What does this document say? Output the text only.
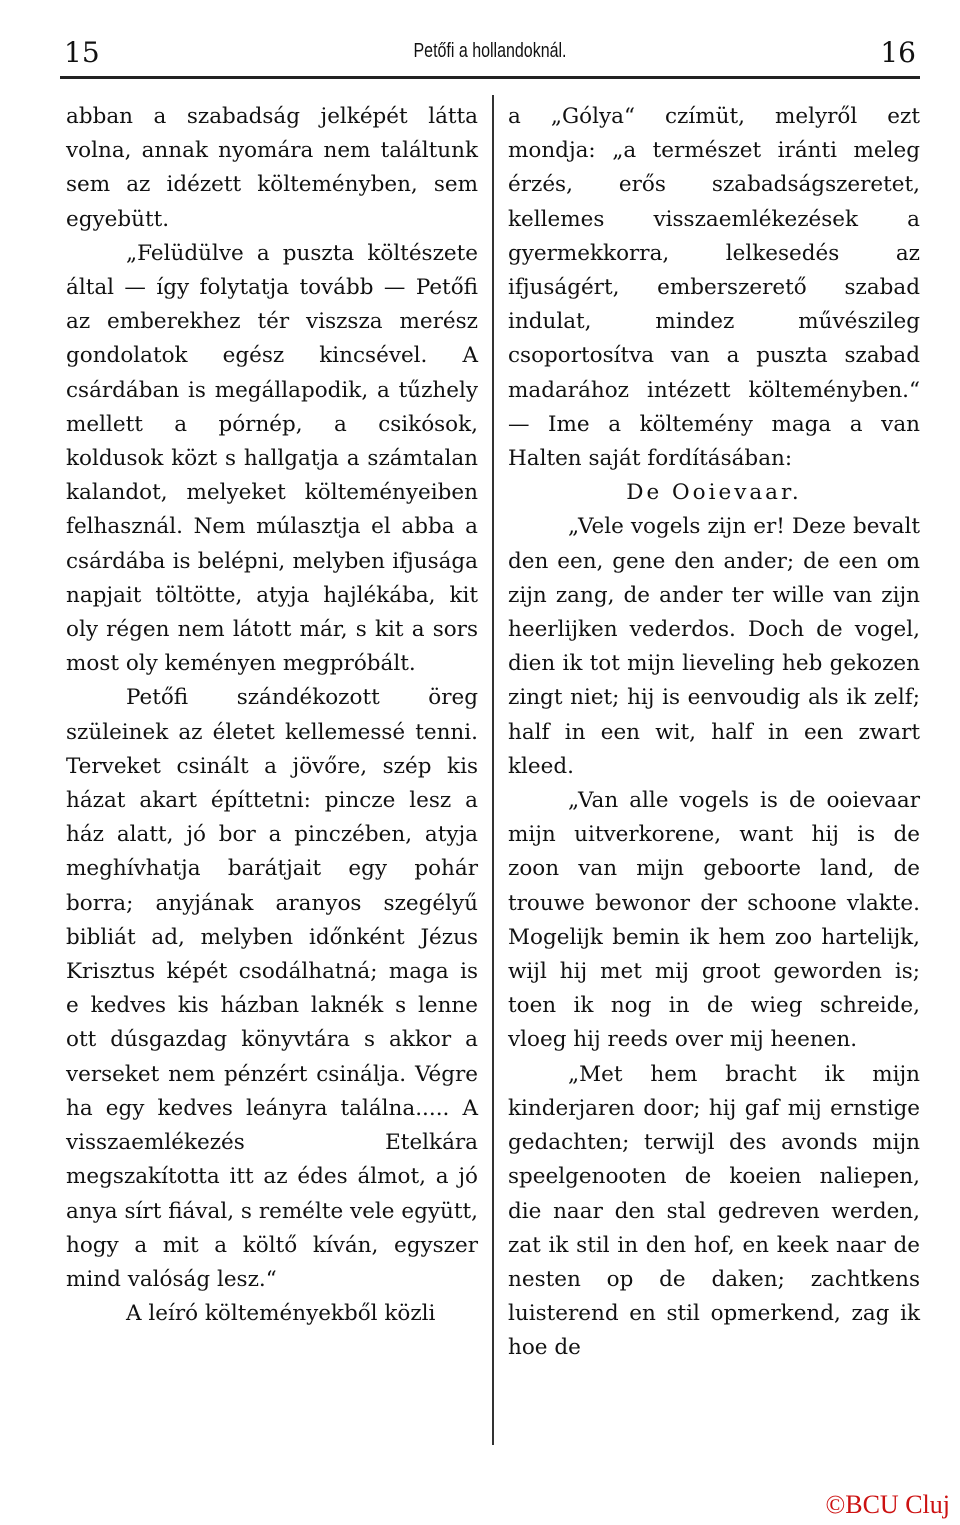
15	Petőfi a hollandoknál.	16

abban a szabadság jelképét látta volna, annak nyomára nem találtunk sem az idézett költeményben, sem egyebütt.

„Felüdülve a puszta költészete által — így folytatja tovább — Petőfi az emberekhez tér viszsza merész gondolatok egész kincsével. A csárdában is megállapodik, a tűzhely mellett a pórnép, a csikósok, koldusok közt s hallgatja a számtalan kalandot, melyeket költeményeiben felhasznál. Nem múlasztja el abba a csárdába is belépni, melyben ifjusága napjait töltötte, atyja hajlékába, kit oly régen nem látott már, s kit a sors most oly keményen megpróbált.

Petőfi szándékozott öreg szüleinek az életet kellemessé tenni. Terveket csinált a jövőre, szép kis házat akart építtetni: pincze lesz a ház alatt, jó bor a pinczében, atyja meghívhatja barátjait egy pohár borra; anyjának aranyos szegélyű bibliát ad, melyben időnként Jézus Krisztus képét csodálhatná; maga is e kedves kis házban laknék s lenne ott dúsgazdag könyvtára s akkor a verseket nem pénzért csinálja. Végre ha egy kedves leányra találna..... A visszaemlékezés Etelkára megszakította itt az édes álmot, a jó anya sírt fiával, s remélte vele együtt, hogy a mit a költő kíván, egyszer mind valóság lesz.“

A leíró költeményekből közli

a „Gólya“ czímüt, melyről ezt mondja: „a természet iránti meleg érzés, erős szabadságszeretet, kellemes visszaemlékezések a gyermekkorra, lelkesedés az ifjuságért, emberszerető szabad indulat, mindez művészileg csoportosítva van a puszta szabad madarához intézett költeményben.“ — Ime a költemény maga a van Halten saját fordításában:

De Ooievaar.

„Vele vogels zijn er! Deze bevalt den een, gene den ander; de een om zijn zang, de ander ter wille van zijn heerlijken vederdos. Doch de vogel, dien ik tot mijn lieveling heb gekozen zingt niet; hij is eenvoudig als ik zelf; half in een wit, half in een zwart kleed.

„Van alle vogels is de ooievaar mijn uitverkorene, want hij is de zoon van mijn geboorte land, de trouwe bewonor der schoone vlakte. Mogelijk bemin ik hem zoo hartelijk, wijl hij met mij groot geworden is; toen ik nog in de wieg schreide, vloeg hij reeds over mij heenen.

„Met hem bracht ik mijn kinderjaren door; hij gaf mij ernstige gedachten; terwijl des avonds mijn speelgenooten de koeien naliepen, die naar den stal gedreven werden, zat ik stil in den hof, en keek naar de nesten op de daken; zachtkens luisterend en stil opmerkend, zag ik hoe de

©BCU Cluj
